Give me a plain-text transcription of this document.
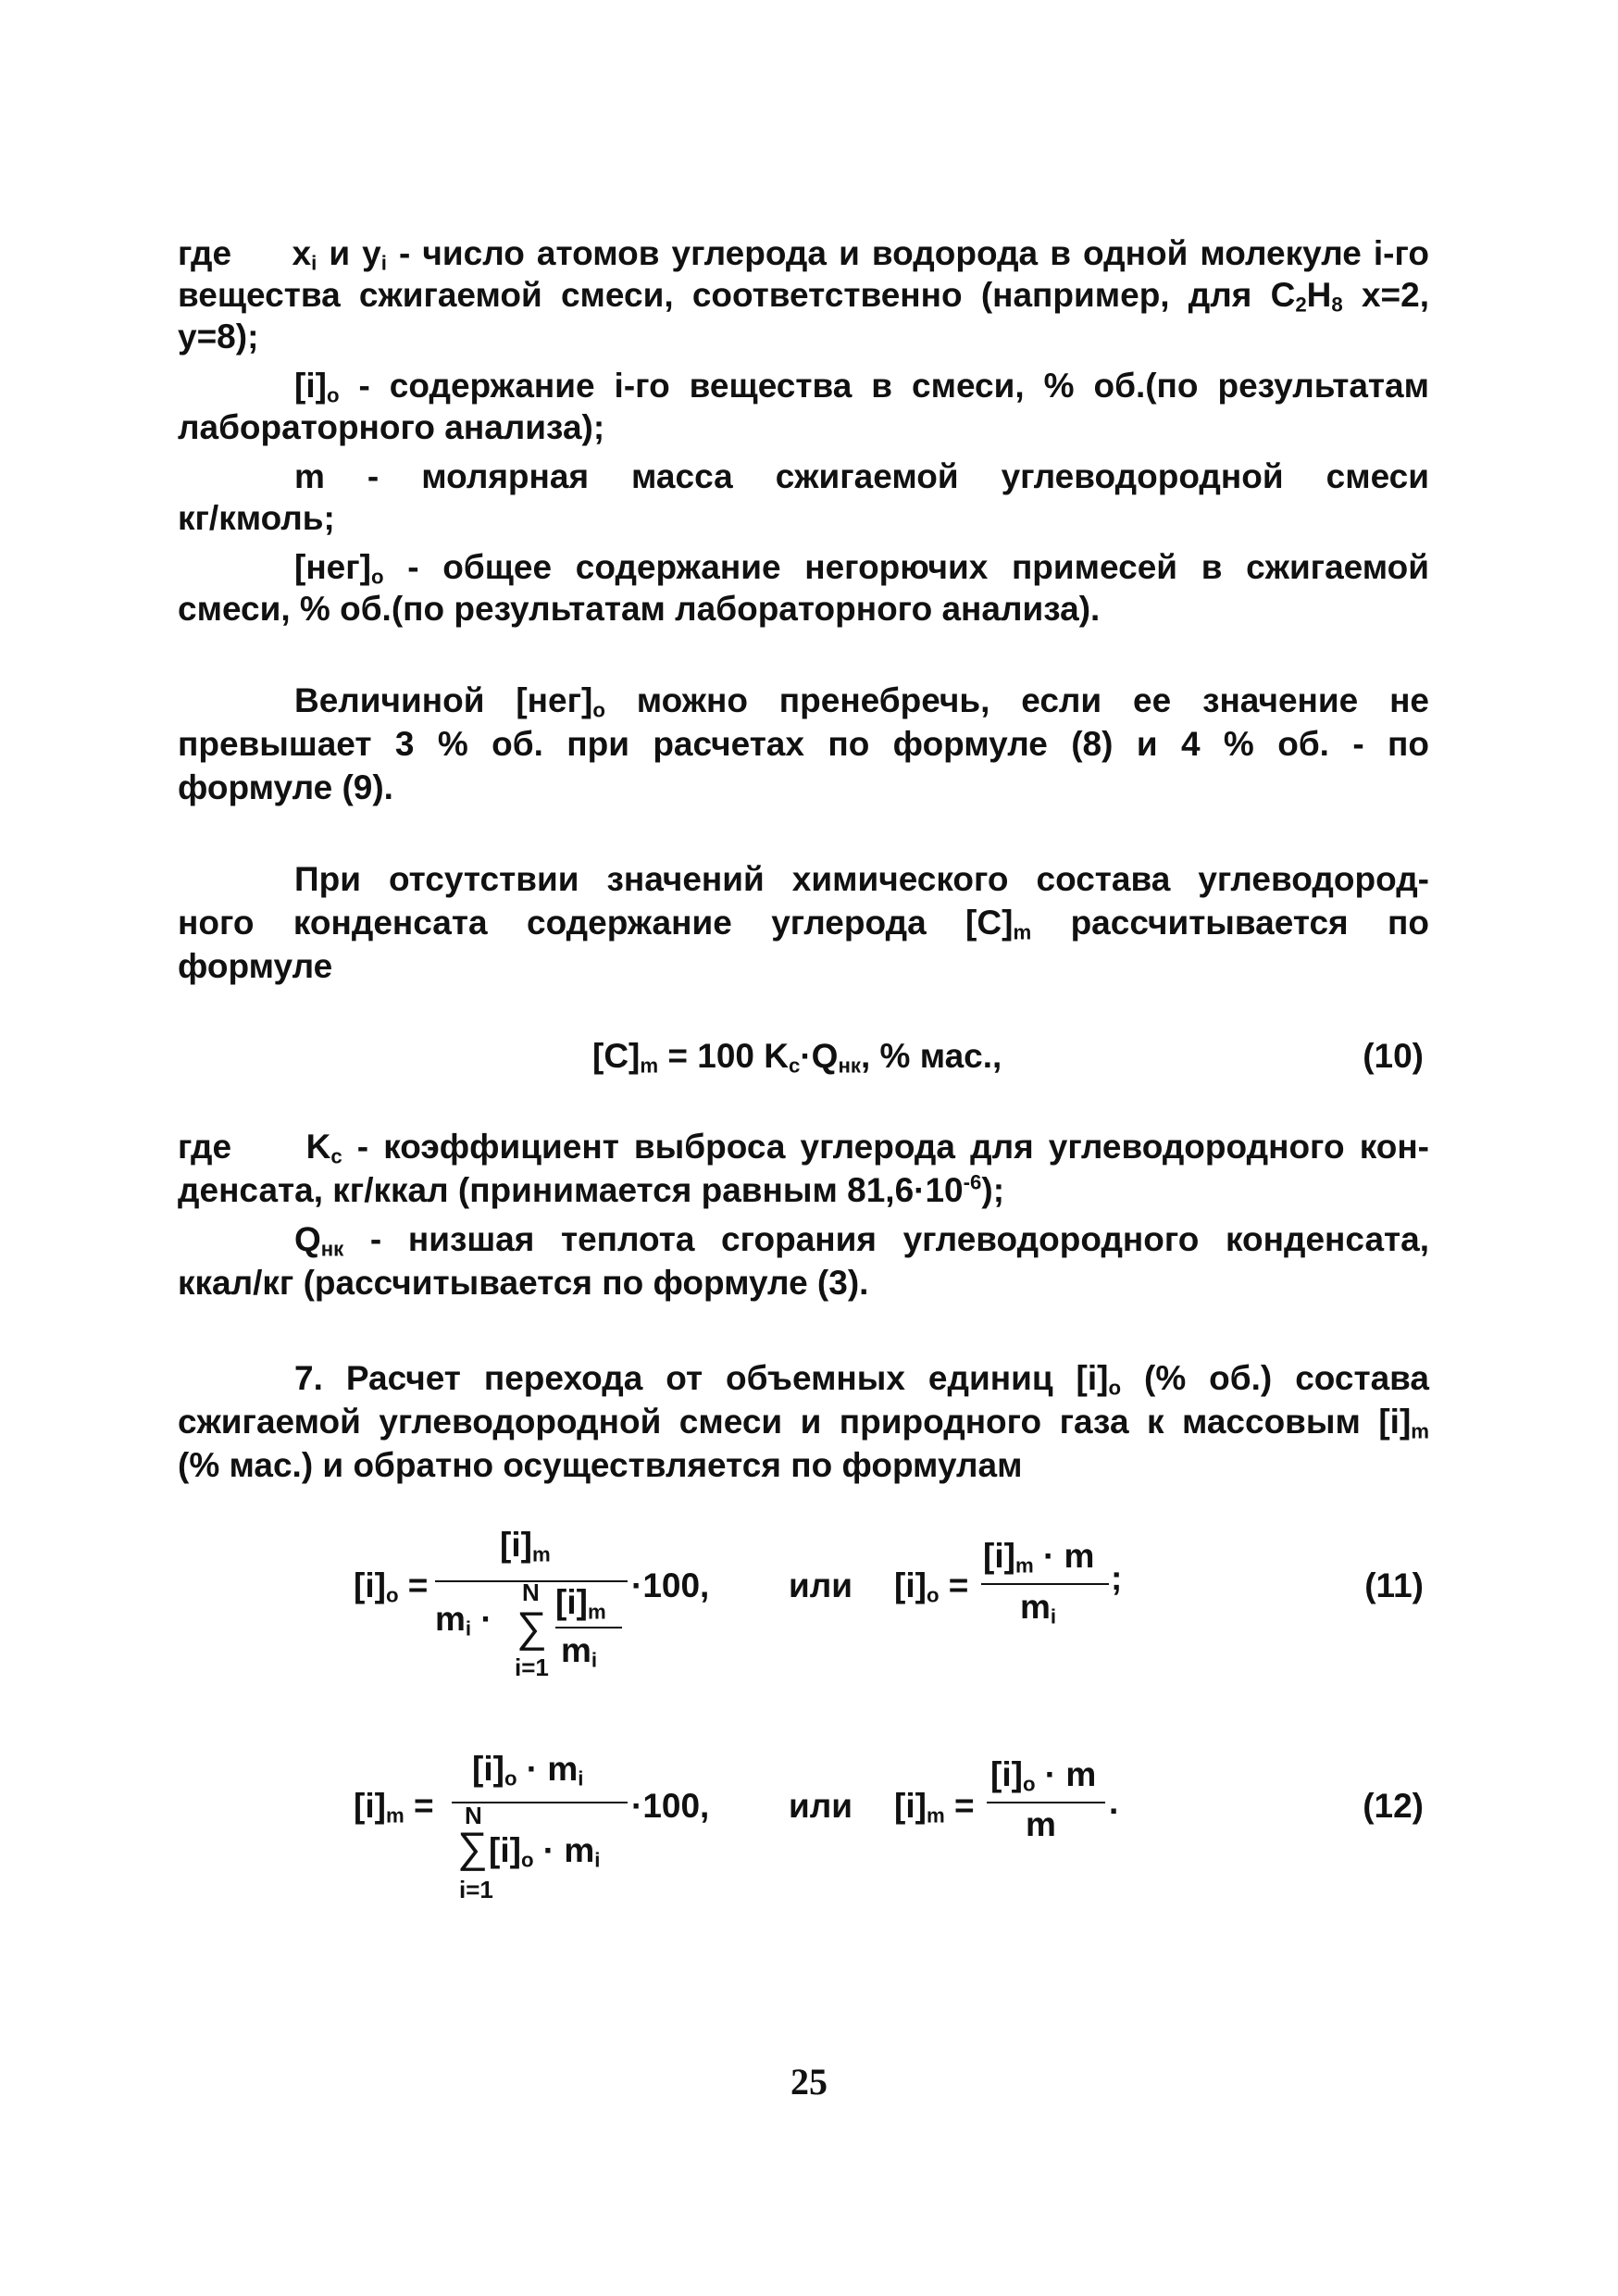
где $x_i$ и $y_i$ - число атомов углерода и водорода в одной молекуле i-го
вещества сжигаемой смеси, соответственно (например, для C2H8 x=2,
y=8);
$[i]_o$ - содержание i-го вещества в смеси, % об.(по результатам
лабораторного анализа);
m - молярная масса сжигаемой углеводородной смеси
кг/кмоль;
$[нег]_o$ - общее содержание негорючих примесей в сжигаемой
смеси, % об.(по результатам лабораторного анализа).
Величиной $[нег]_o$ можно пренебречь, если ее значение не
превышает 3 % об. при расчетах по формуле (8) и 4 % об. - по
формуле (9).
При отсутствии значений химического состава углеводород-
ного конденсата содержание углерода $[C]_m$ рассчитывается по
формуле
$[C]_m = 100$ $K_c\cdot Q_{нк}$, % мас.,	(10)
где $K_c$ - коэффициент выброса углерода для углеводородного кон-
денсата, кг/ккал (принимается равным $81,6\cdot 10^{-6}$);
$Q_{нк}$ - низшая теплота сгорания углеводородного конденсата,
ккал/кг (рассчитывается по формуле (3).
7. Расчет перехода от объемных единиц $[i]_o$ (% об.) состава
сжигаемой углеводородной смеси и природного газа к массовым $[i]_m$
(% мас.) и обратно осуществляется по формулам
$[i]_o$ =
$[i]_m$
$m_i$ ·
N
∑
i=1
$[i]_m$
$m_i$
·100, или $[i]_o$ =
$[i]_m \cdot m$
$m_i$
;	(11)
$[i]_m$ =
$[i]_o \cdot m_i$
N
∑
i=1
$[i]_o \cdot m_i$
·100, или $[i]_m$ =
$[i]_o \cdot m$
m
.	(12)
25
